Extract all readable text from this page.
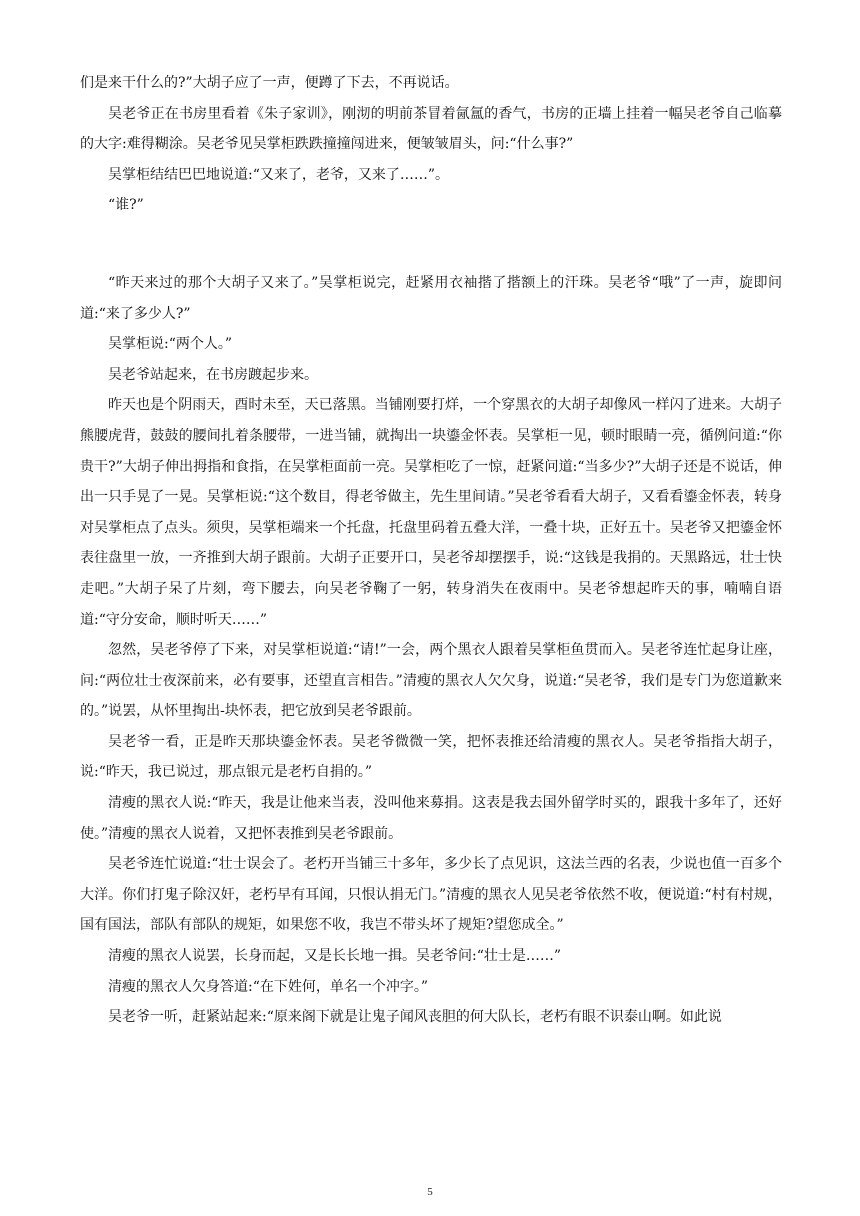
们是来干什么的?”大胡子应了一声，便蹲了下去，不再说话。

吴老爷正在书房里看着《朱子家训》，刚沏的明前茶冒着氤氲的香气，书房的正墙上挂着一幅吴老爷自己临摹的大字:难得糊涂。吴老爷见吴掌柜跌跌撞撞闯进来，便皱皱眉头，问:“什么事?”

吴掌柜结结巴巴地说道:“又来了，老爷，又来了……”。

“谁?”

“昨天来过的那个大胡子又来了。”吴掌柜说完，赶紧用衣袖揩了揩额上的汗珠。吴老爷“哦”了一声，旋即问道:“来了多少人?”

吴掌柜说:“两个人。”

吴老爷站起来，在书房踱起步来。

昨天也是个阴雨天，酉时未至，天已落黑。当铺刚要打烊，一个穿黑衣的大胡子却像风一样闪了进来。大胡子熊腰虎背，鼓鼓的腰间扎着条腰带，一进当铺，就掏出一块鎏金怀表。吴掌柜一见，顿时眼睛一亮，循例问道:“你贵干?”大胡子伸出拇指和食指，在吴掌柜面前一亮。吴掌柜吃了一惊，赶紧问道:“当多少?”大胡子还是不说话，伸出一只手晃了一晃。吴掌柜说:“这个数目，得老爷做主，先生里间请。”吴老爷看看大胡子，又看看鎏金怀表，转身对吴掌柜点了点头。须臾，吴掌柜端来一个托盘，托盘里码着五叠大洋，一叠十块，正好五十。吴老爷又把鎏金怀表往盘里一放，一齐推到大胡子跟前。大胡子正要开口，吴老爷却摆摆手，说:“这钱是我捐的。天黑路远，壮士快走吧。”大胡子呆了片刻，弯下腰去，向吴老爷鞠了一躬，转身消失在夜雨中。吴老爷想起昨天的事，喃喃自语道:“守分安命，顺时听天……”

忽然，吴老爷停了下来，对吴掌柜说道:“请!”一会，两个黑衣人跟着吴掌柜鱼贯而入。吴老爷连忙起身让座，问:“两位壮士夜深前来，必有要事，还望直言相告。”清瘦的黑衣人欠欠身，说道:“吴老爷，我们是专门为您道歉来的。”说罢，从怀里掏出-块怀表，把它放到吴老爷跟前。

吴老爷一看，正是昨天那块鎏金怀表。吴老爷微微一笑，把怀表推还给清瘦的黑衣人。吴老爷指指大胡子，说:“昨天，我已说过，那点银元是老朽自捐的。”

清瘦的黑衣人说:“昨天，我是让他来当表，没叫他来募捐。这表是我去国外留学时买的，跟我十多年了，还好使。”清瘦的黑衣人说着，又把怀表推到吴老爷跟前。

吴老爷连忙说道:“壮士误会了。老朽开当铺三十多年，多少长了点见识，这法兰西的名表，少说也值一百多个大洋。你们打鬼子除汉奸，老朽早有耳闻，只恨认捐无门。”清瘦的黑衣人见吴老爷依然不收，便说道:“村有村规，国有国法，部队有部队的规矩，如果您不收，我岂不带头坏了规矩?望您成全。”

清瘦的黑衣人说罢，长身而起，又是长长地一揖。吴老爷问:“壮士是……”

清瘦的黑衣人欠身答道:“在下姓何，单名一个冲字。”

吴老爷一听，赶紧站起来:“原来阁下就是让鬼子闻风丧胆的何大队长，老朽有眼不识泰山啊。如此说

5
